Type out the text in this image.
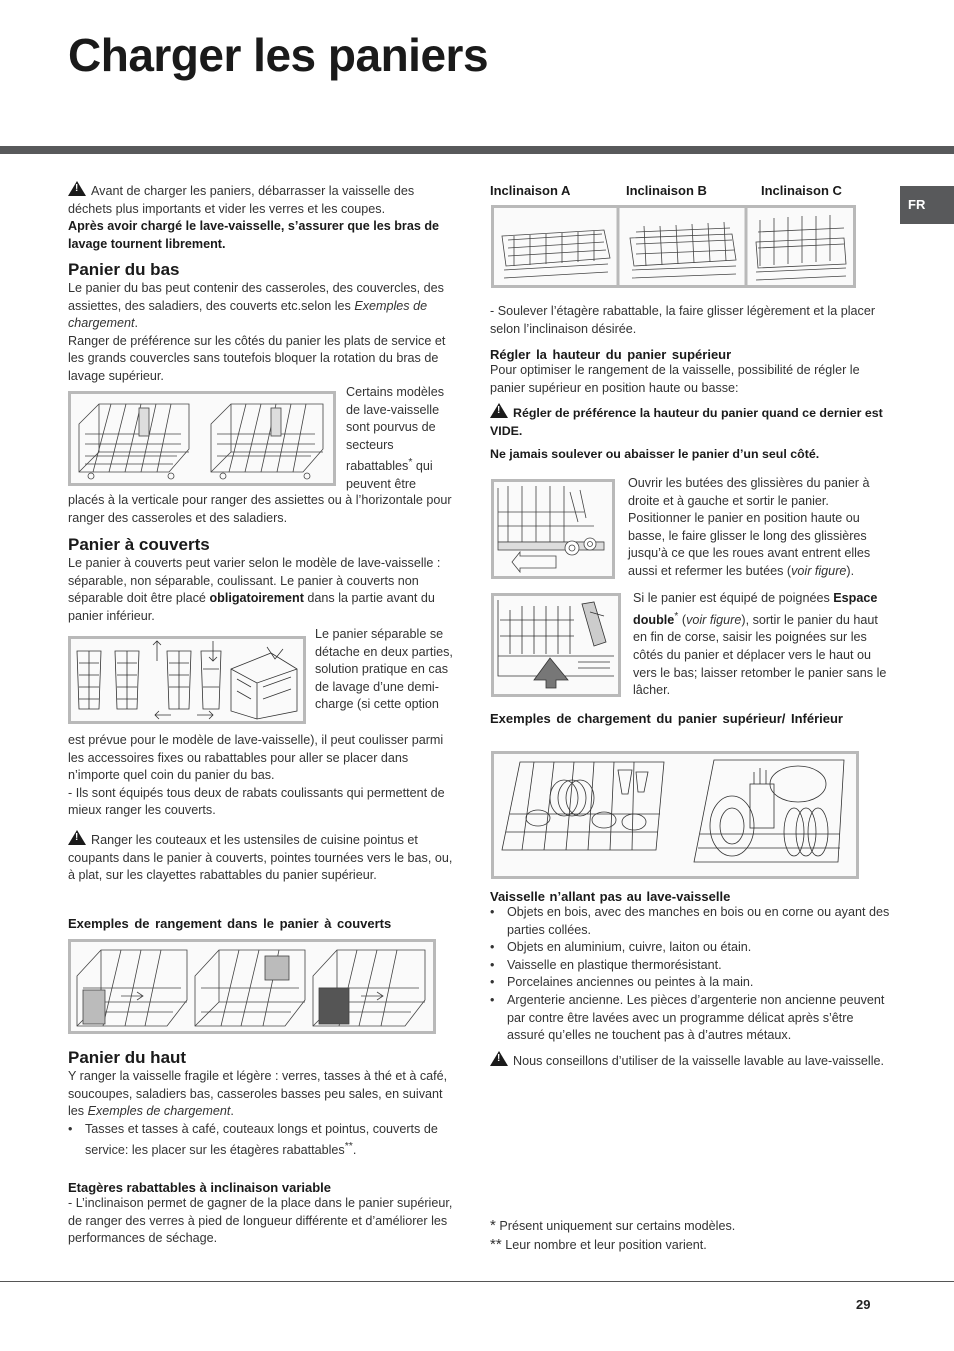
Charger les paniers
FR

!Avant de charger les paniers, débarrasser la vaisselle des déchets plus importants et vider les verres et les coupes.

Après avoir chargé le lave-vaisselle, s’assurer que les bras de lavage tournent librement.

Panier du bas

Le panier du bas peut contenir des casseroles, des couvercles, des assiettes, des saladiers, des couverts etc.selon les Exemples de chargement.

Ranger de préférence sur les côtés du panier les plats de service et les grands couvercles sans toutefois bloquer la rotation du bras de lavage supérieur.

Certains modèles de lave-vaisselle sont pourvus de secteurs rabattables* qui peuvent être
placés à la verticale pour ranger des assiettes ou à l’horizontale pour ranger des casseroles et des saladiers.

Panier à couverts

Le panier à couverts peut varier selon le modèle de lave-vaisselle : séparable, non séparable, coulissant. Le panier à couverts non séparable doit être placé obligatoirement dans la partie avant du panier inférieur.

Le panier séparable se détache en deux parties, solution pratique en cas de lavage d’une demi-charge (si cette option

est prévue pour le modèle de lave-vaisselle), il peut coulisser parmi les accessoires fixes ou rabattables pour aller se placer dans n’importe quel coin du panier du bas.

- Ils sont équipés tous deux de rabats coulissants qui permettent de mieux ranger les couverts.

!Ranger les couteaux et les ustensiles de cuisine pointus et coupants dans le panier à couverts, pointes tournées vers le bas, ou, à plat, sur les clayettes rabattables du panier supérieur.

Exemples de rangement dans le panier à couverts

Panier du haut

Y ranger la vaisselle fragile et légère : verres, tasses à thé et à café, soucoupes, saladiers bas, casseroles basses peu sales, en suivant les Exemples de chargement.

• Tasses et tasses à café, couteaux longs et pointus, couverts de service: les placer sur les étagères rabattables**.

Etagères rabattables à inclinaison variable

- L’inclinaison permet de gagner de la place dans le panier supérieur, de ranger des verres à pied de longueur différente et d’améliorer les performances de séchage.

Inclinaison A	Inclinaison B	Inclinaison C
- Soulever l’étagère rabattable, la faire glisser légèrement et la placer selon l’inclinaison désirée.

Régler la hauteur du panier supérieur

Pour optimiser le rangement de la vaisselle, possibilité de régler le panier supérieur en position haute ou basse:

!Régler de préférence la hauteur du panier quand ce dernier est VIDE.

Ne jamais soulever ou abaisser le panier d’un seul côté.

Ouvrir les butées des glissières du panier à droite et à gauche et sortir le panier. Positionner le panier en position haute ou basse, le faire glisser le long des glissières jusqu’à ce que les roues avant entrent elles aussi et refermer les butées (voir figure).
Si le panier est équipé de poignées Espace double* (voir figure), sortir le panier du haut en fin de corse, saisir les poignées sur les côtés du panier et déplacer vers le haut ou vers le bas; laisser retomber le panier sans le lâcher.

Exemples de chargement du panier supérieur/ Inférieur

Vaisselle n’allant pas au lave-vaisselle

• Objets en bois, avec des manches en bois ou en corne ou ayant des parties collées.
• Objets en aluminium, cuivre, laiton ou étain.
• Vaisselle en plastique thermorésistant.
• Porcelaines anciennes ou peintes à la main.
• Argenterie ancienne. Les pièces d’argenterie non ancienne peuvent par contre être lavées avec un programme délicat après s’être assuré qu’elles ne touchent pas à d’autres métaux.

!Nous conseillons d’utiliser de la vaisselle lavable au lave-vaisselle.

* Présent uniquement sur certains modèles.

** Leur nombre et leur position varient.

29
